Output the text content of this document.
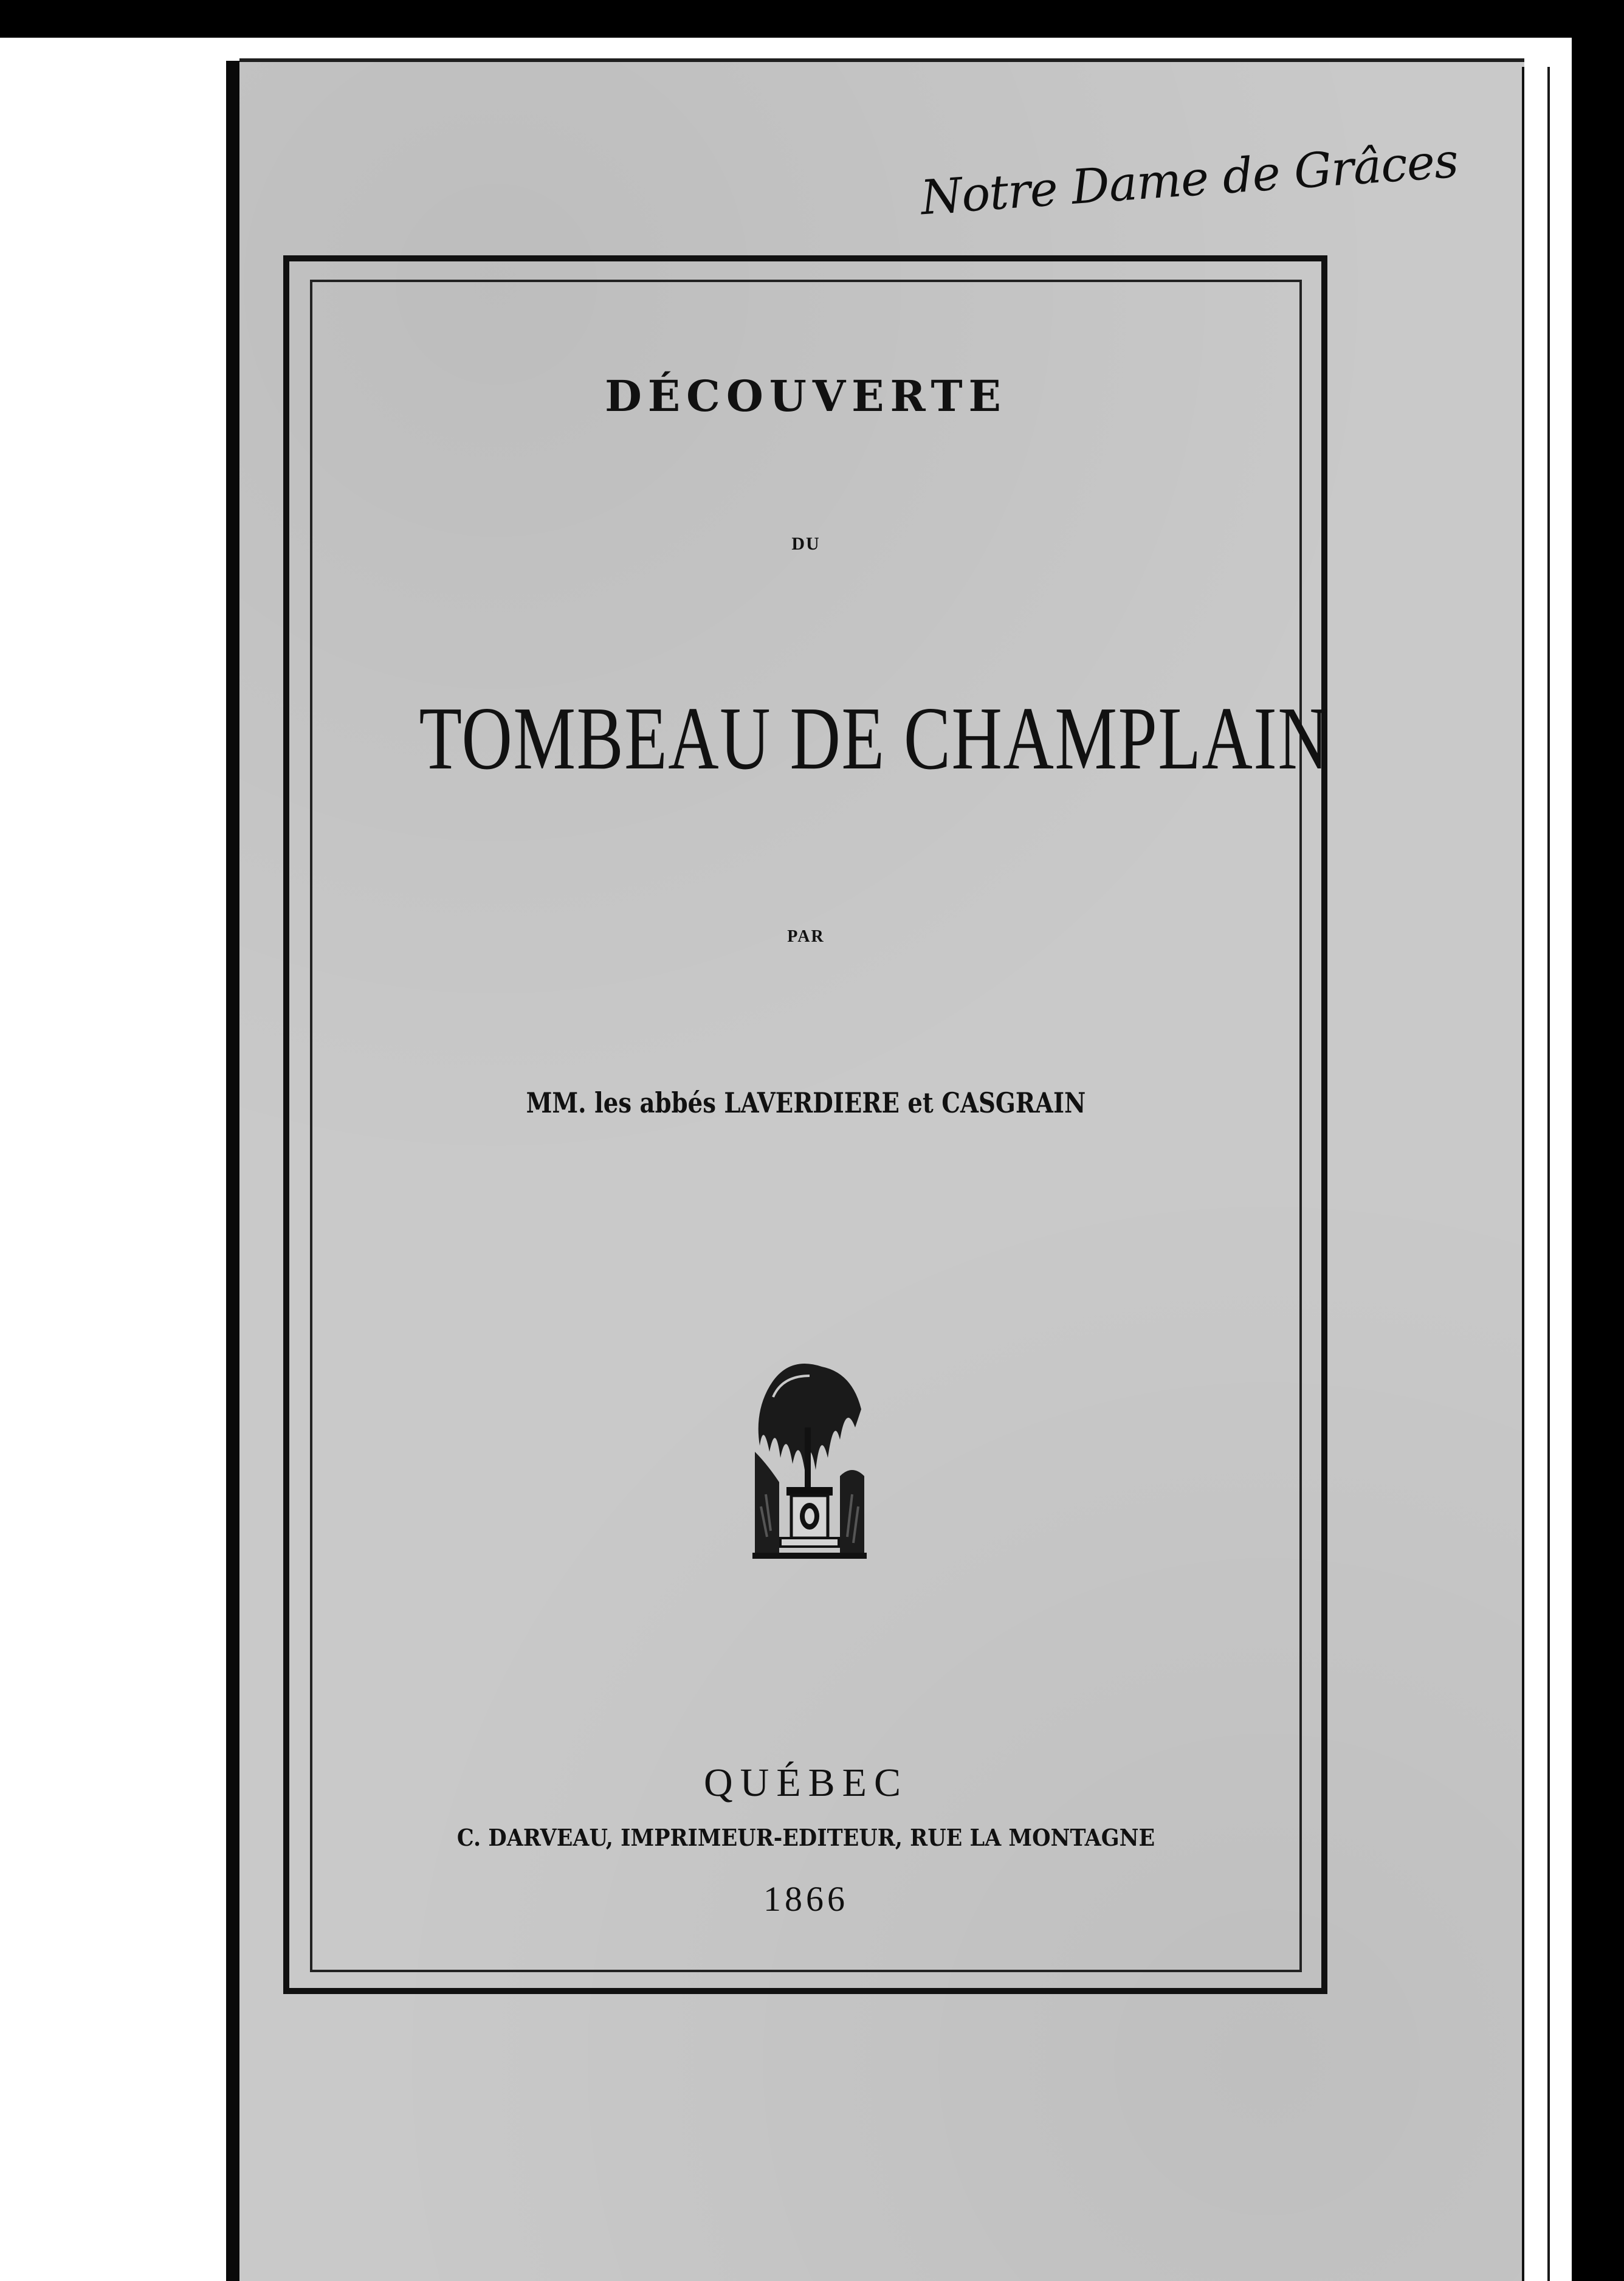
Notre Dame de Grâces
DÉCOUVERTE
DU
TOMBEAU DE CHAMPLAIN
PAR
MM. les abbés LAVERDIERE et CASGRAIN
QUÉBEC
C. DARVEAU, IMPRIMEUR-EDITEUR, RUE LA MONTAGNE
1866
